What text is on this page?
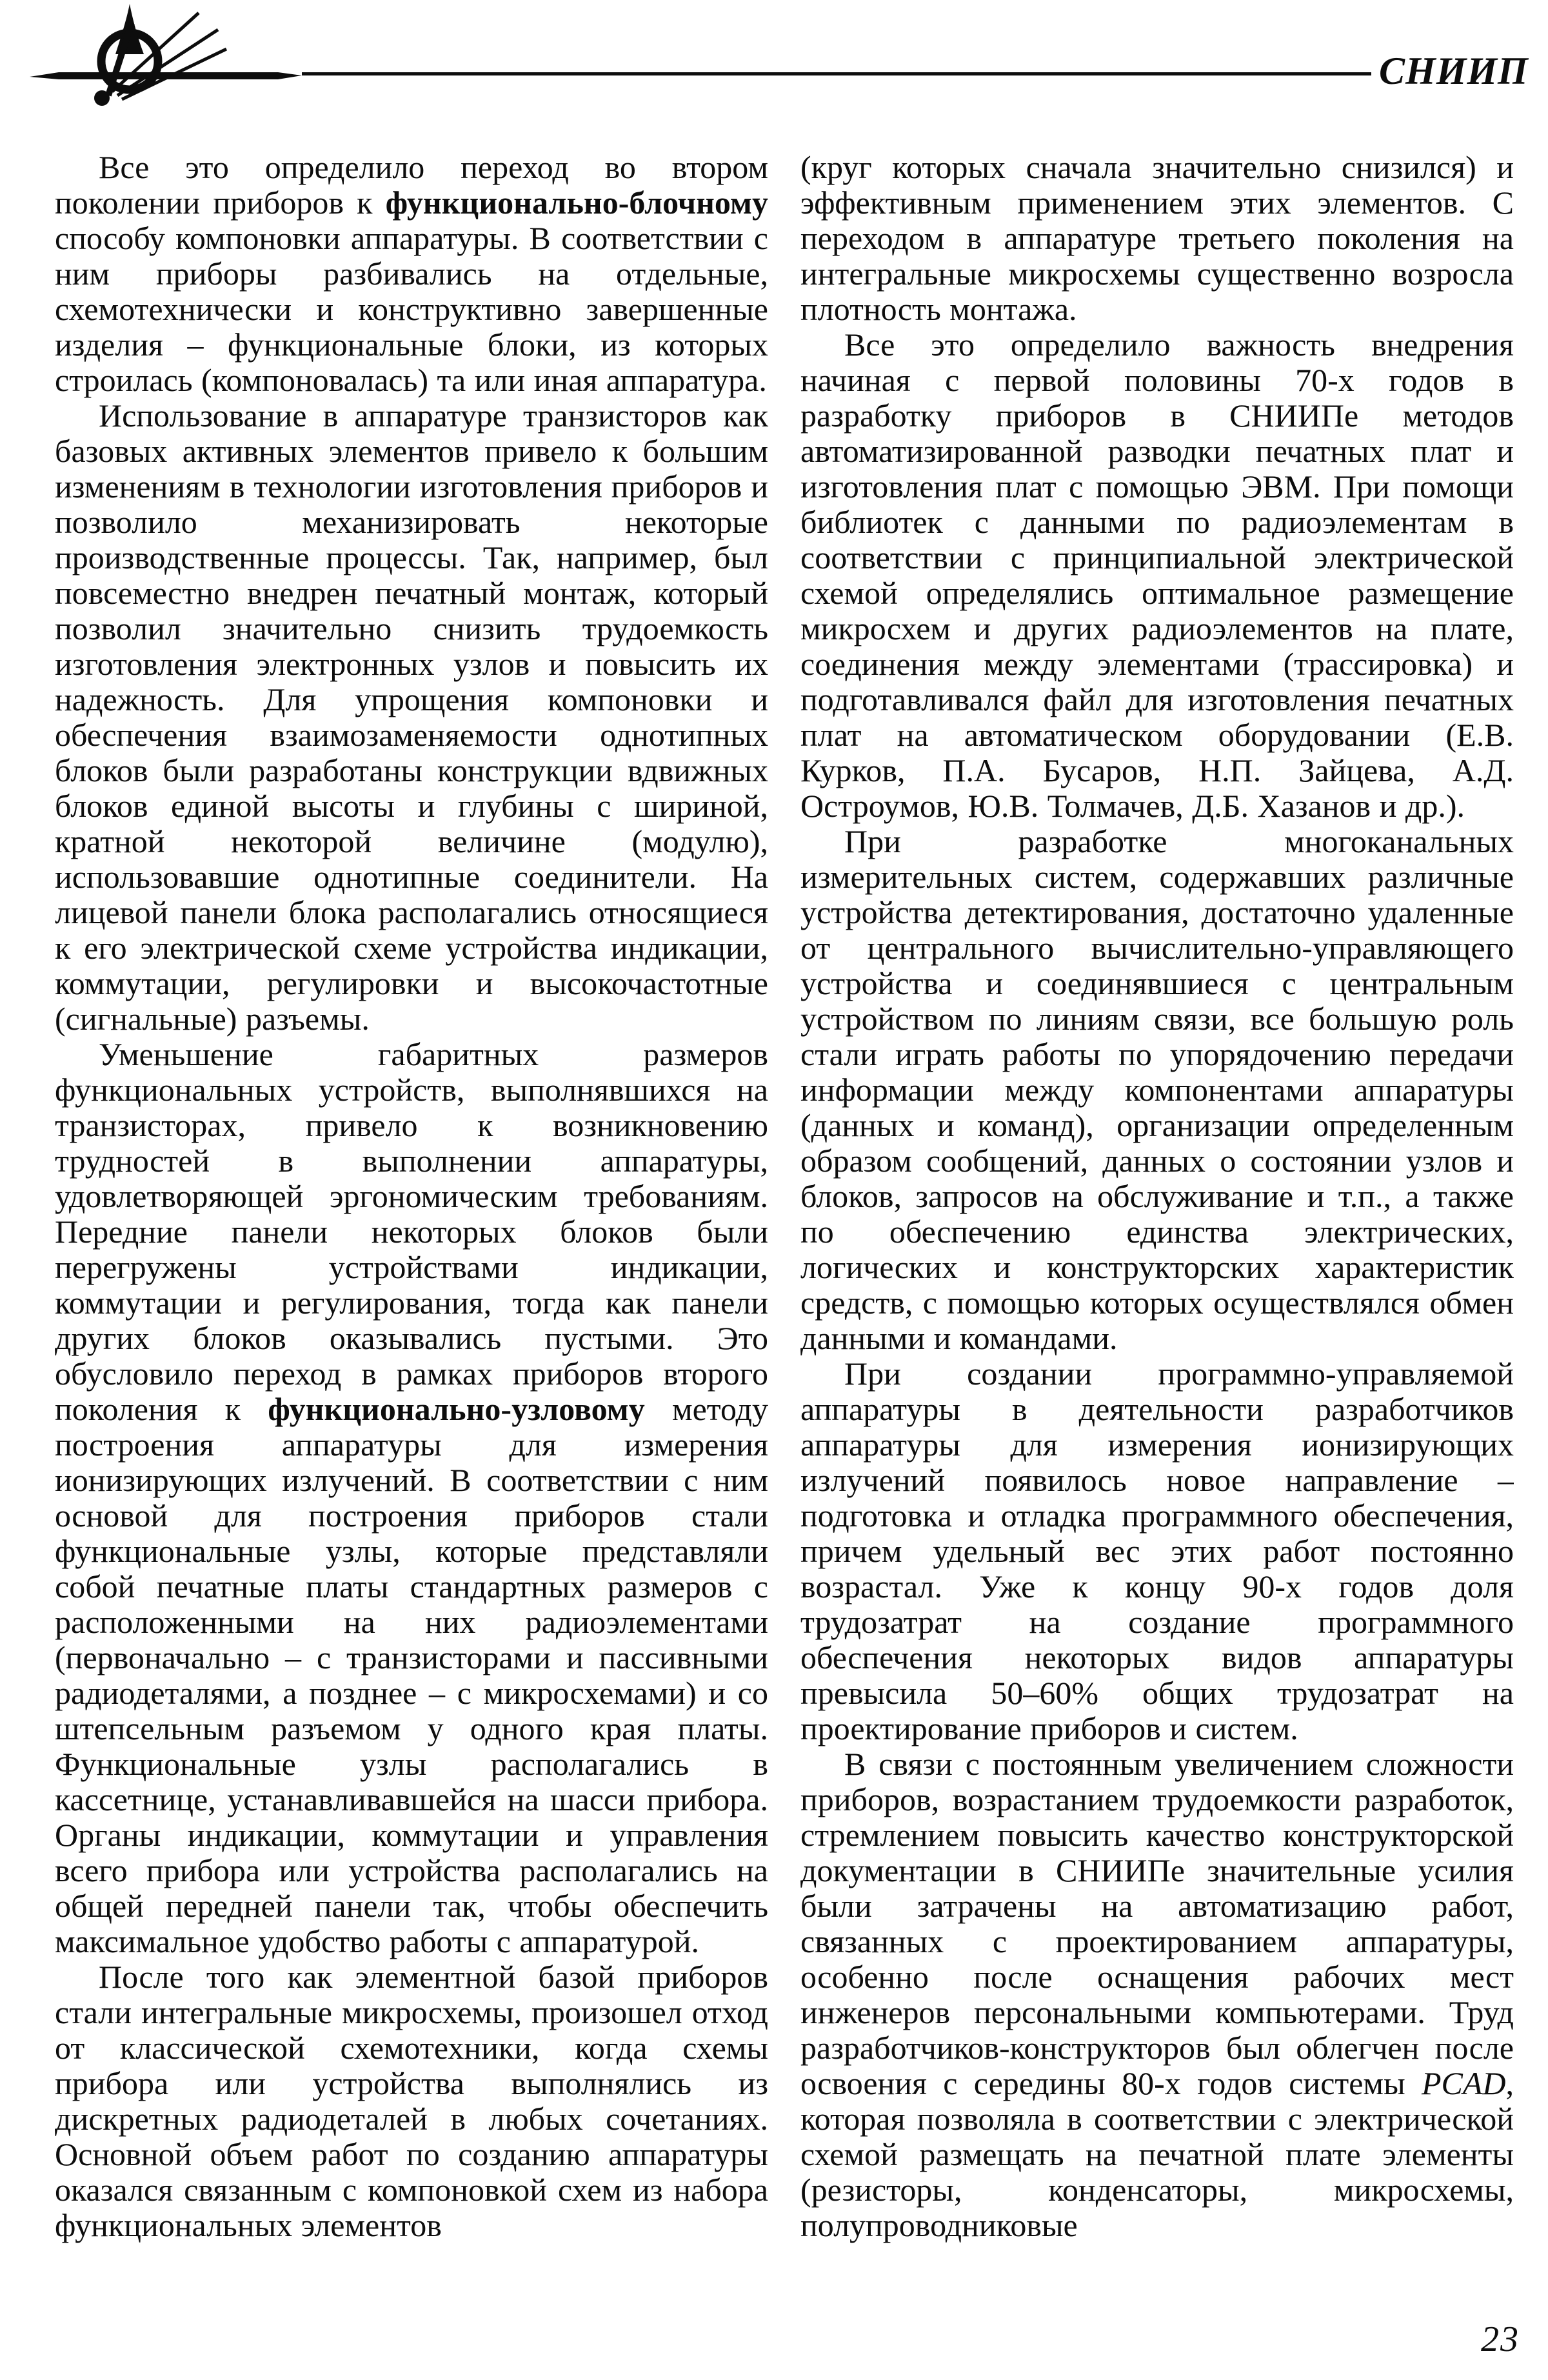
СНИИП

Все это определило переход во втором поколении приборов к функционально-блочному способу компоновки аппаратуры. В соответствии с ним приборы разбивались на отдельные, схемотехнически и конструктивно завершенные изделия – функциональные блоки, из которых строилась (компоновалась) та или иная аппаратура.

Использование в аппаратуре транзисторов как базовых активных элементов привело к большим изменениям в технологии изготовления приборов и позволило механизировать некоторые производственные процессы. Так, например, был повсеместно внедрен печатный монтаж, который позволил значительно снизить трудоемкость изготовления электронных узлов и повысить их надежность. Для упрощения компоновки и обеспечения взаимозаменяемости однотипных блоков были разработаны конструкции вдвижных блоков единой высоты и глубины с шириной, кратной некоторой величине (модулю), использовавшие однотипные соединители. На лицевой панели блока располагались относящиеся к его электрической схеме устройства индикации, коммутации, регулировки и высокочастотные (сигнальные) разъемы.

Уменьшение габаритных размеров функциональных устройств, выполнявшихся на транзисторах, привело к возникновению трудностей в выполнении аппаратуры, удовлетворяющей эргономическим требованиям. Передние панели некоторых блоков были перегружены устройствами индикации, коммутации и регулирования, тогда как панели других блоков оказывались пустыми. Это обусловило переход в рамках приборов второго поколения к функционально-узловому методу построения аппаратуры для измерения ионизирующих излучений. В соответствии с ним основой для построения приборов стали функциональные узлы, которые представляли собой печатные платы стандартных размеров с расположенными на них радиоэлементами (первоначально – с транзисторами и пассивными радиодеталями, а позднее – с микросхемами) и со штепсельным разъемом у одного края платы. Функциональные узлы располагались в кассетнице, устанавливавшейся на шасси прибора. Органы индикации, коммутации и управления всего прибора или устройства располагались на общей передней панели так, чтобы обеспечить максимальное удобство работы с аппаратурой.

После того как элементной базой приборов стали интегральные микросхемы, произошел отход от классической схемотехники, когда схемы прибора или устройства выполнялись из дискретных радиодеталей в любых сочетаниях. Основной объем работ по созданию аппаратуры оказался связанным с компоновкой схем из набора функциональных элементов

(круг которых сначала значительно снизился) и эффективным применением этих элементов. С переходом в аппаратуре третьего поколения на интегральные микросхемы существенно возросла плотность монтажа.

Все это определило важность внедрения начиная с первой половины 70-х годов в разработку приборов в СНИИПе методов автоматизированной разводки печатных плат и изготовления плат с помощью ЭВМ. При помощи библиотек с данными по радиоэлементам в соответствии с принципиальной электрической схемой определялись оптимальное размещение микросхем и других радиоэлементов на плате, соединения между элементами (трассировка) и подготавливался файл для изготовления печатных плат на автоматическом оборудовании (Е.В. Курков, П.А. Бусаров, Н.П. Зайцева, А.Д. Остроумов, Ю.В. Толмачев, Д.Б. Хазанов и др.).

При разработке многоканальных измерительных систем, содержавших различные устройства детектирования, достаточно удаленные от центрального вычислительно-управляющего устройства и соединявшиеся с центральным устройством по линиям связи, все большую роль стали играть работы по упорядочению передачи информации между компонентами аппаратуры (данных и команд), организации определенным образом сообщений, данных о состоянии узлов и блоков, запросов на обслуживание и т.п., а также по обеспечению единства электрических, логических и конструкторских характеристик средств, с помощью которых осуществлялся обмен данными и командами.

При создании программно-управляемой аппаратуры в деятельности разработчиков аппаратуры для измерения ионизирующих излучений появилось новое направление – подготовка и отладка программного обеспечения, причем удельный вес этих работ постоянно возрастал. Уже к концу 90-х годов доля трудозатрат на создание программного обеспечения некоторых видов аппаратуры превысила 50–60% общих трудозатрат на проектирование приборов и систем.

В связи с постоянным увеличением сложности приборов, возрастанием трудоемкости разработок, стремлением повысить качество конструкторской документации в СНИИПе значительные усилия были затрачены на автоматизацию работ, связанных с проектированием аппаратуры, особенно после оснащения рабочих мест инженеров персональными компьютерами. Труд разработчиков-конструкторов был облегчен после освоения с середины 80-х годов системы PCAD, которая позволяла в соответствии с электрической схемой размещать на печатной плате элементы (резисторы, конденсаторы, микросхемы, полупроводниковые

23
